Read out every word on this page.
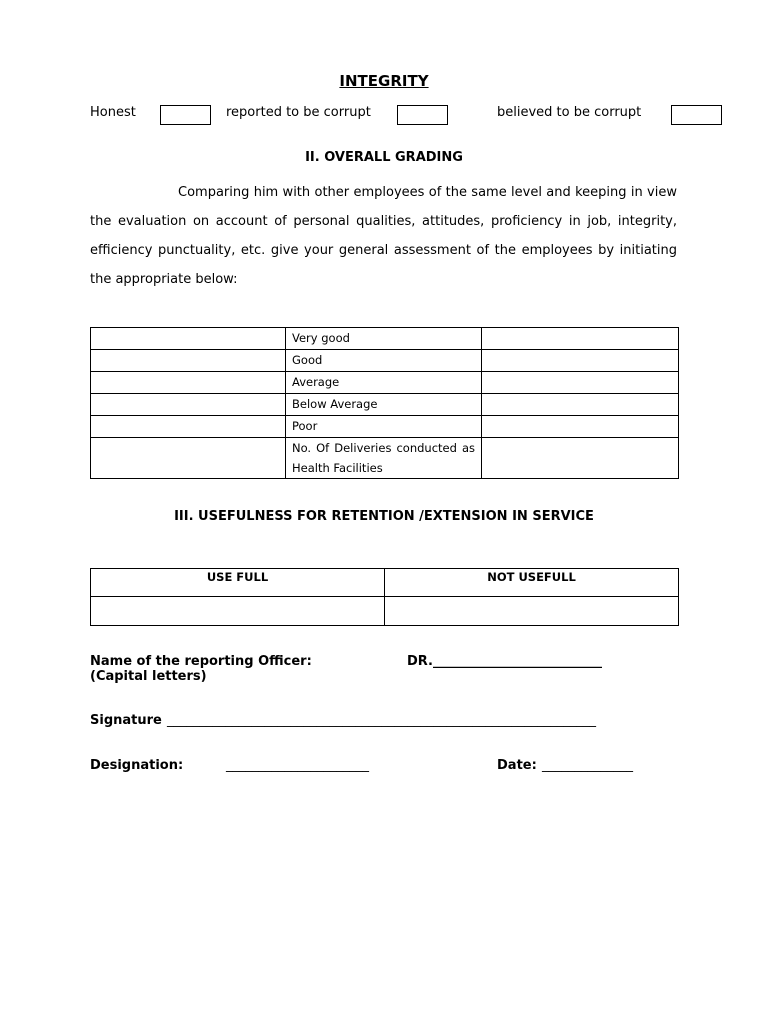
INTEGRITY
Honest	reported to be corrupt	believed to be corrupt
II. OVERALL GRADING
Comparing him with other employees of the same level and keeping in view the evaluation on account of personal qualities, attitudes, proficiency in job, integrity, efficiency punctuality, etc. give your general assessment of the employees by initiating the appropriate below:
	Very good	
	Good	
	Average	
	Below Average	
	Poor	
	No. Of Deliveries conducted as Health Facilities	
III. USEFULNESS FOR RETENTION /EXTENSION IN SERVICE
USE FULL	NOT USEFULL

Name of the reporting Officer:	DR.__________________________
(Capital letters)
Signature __________________________________________________________________
Designation:	______________________	Date: ______________
